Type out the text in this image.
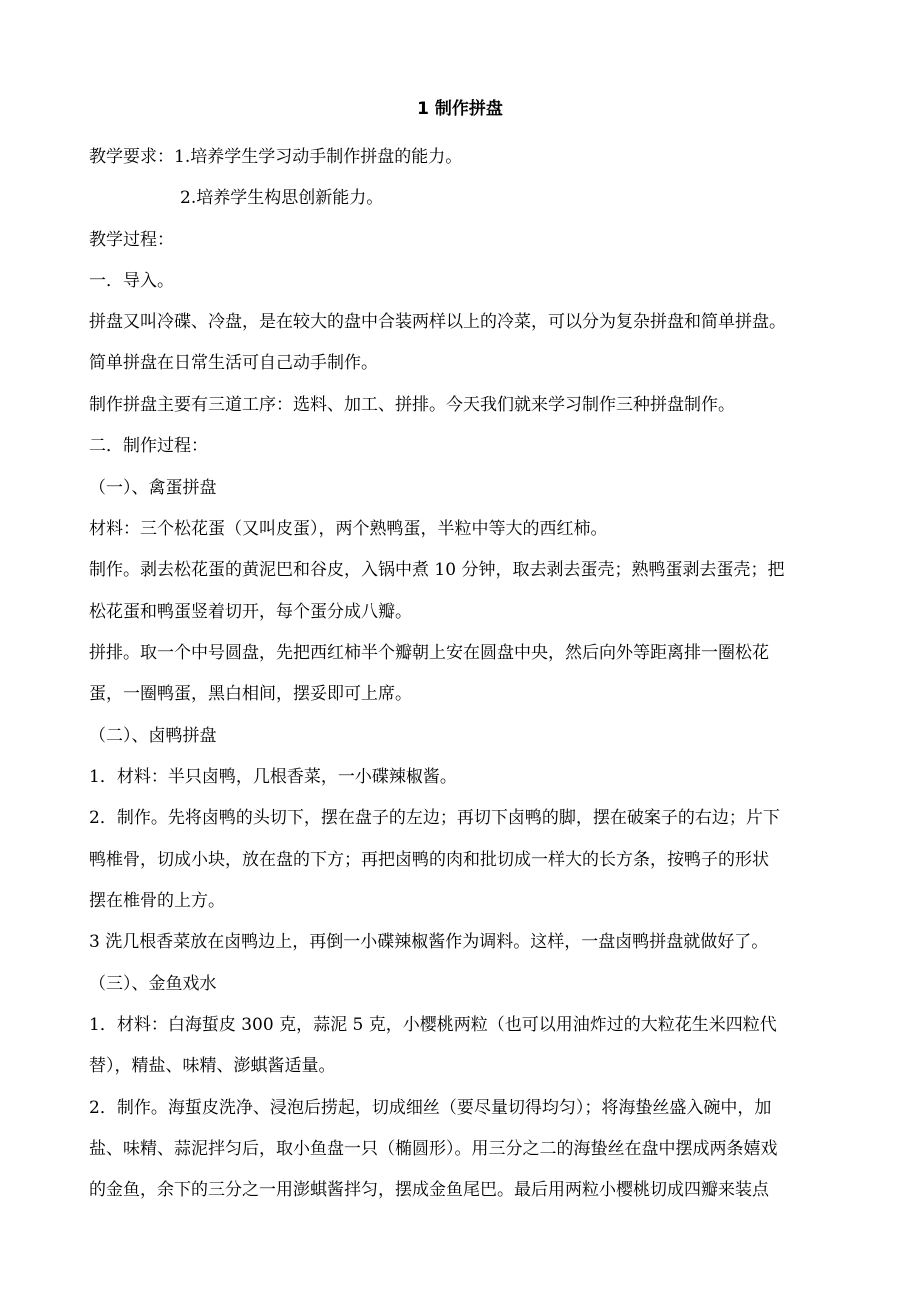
1 制作拼盘
教学要求：1.培养学生学习动手制作拼盘的能力。
2.培养学生构思创新能力。
教学过程：
一．导入。
拼盘又叫冷碟、冷盘，是在较大的盘中合装两样以上的冷菜，可以分为复杂拼盘和简单拼盘。
简单拼盘在日常生活可自己动手制作。
制作拼盘主要有三道工序：选料、加工、拼排。今天我们就来学习制作三种拼盘制作。
二．制作过程：
（一）、禽蛋拼盘
材料：三个松花蛋（又叫皮蛋），两个熟鸭蛋，半粒中等大的西红柿。
制作。剥去松花蛋的黄泥巴和谷皮，入锅中煮 10 分钟，取去剥去蛋壳；熟鸭蛋剥去蛋壳；把
松花蛋和鸭蛋竖着切开，每个蛋分成八瓣。
拼排。取一个中号圆盘，先把西红柿半个瓣朝上安在圆盘中央，然后向外等距离排一圈松花
蛋，一圈鸭蛋，黑白相间，摆妥即可上席。
（二）、卤鸭拼盘
1．材料：半只卤鸭，几根香菜，一小碟辣椒酱。
2．制作。先将卤鸭的头切下，摆在盘子的左边；再切下卤鸭的脚，摆在破案子的右边；片下
鸭椎骨，切成小块，放在盘的下方；再把卤鸭的肉和批切成一样大的长方条，按鸭子的形状
摆在椎骨的上方。
3 洗几根香菜放在卤鸭边上，再倒一小碟辣椒酱作为调料。这样，一盘卤鸭拼盘就做好了。
（三）、金鱼戏水
1．材料：白海蜇皮 300 克，蒜泥 5 克，小樱桃两粒（也可以用油炸过的大粒花生米四粒代
替），精盐、味精、澎蜞酱适量。
2．制作。海蜇皮洗净、浸泡后捞起，切成细丝（要尽量切得均匀）；将海蛰丝盛入碗中，加
盐、味精、蒜泥拌匀后，取小鱼盘一只（椭圆形）。用三分之二的海蛰丝在盘中摆成两条嬉戏
的金鱼，余下的三分之一用澎蜞酱拌匀，摆成金鱼尾巴。最后用两粒小樱桃切成四瓣来装点
